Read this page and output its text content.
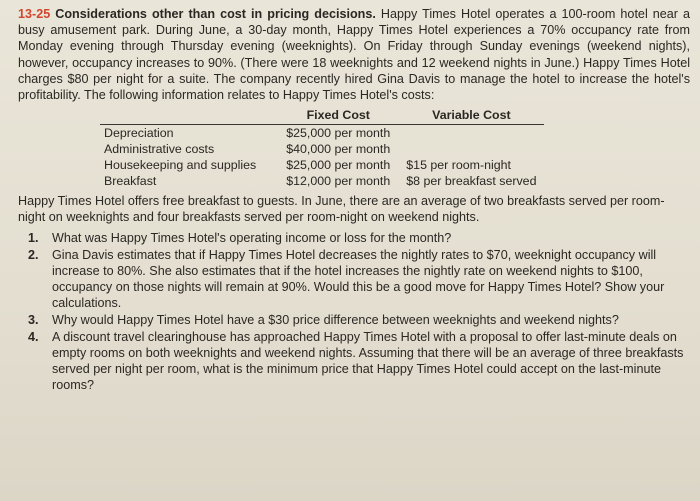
13-25 Considerations other than cost in pricing decisions. Happy Times Hotel operates a 100-room hotel near a busy amusement park. During June, a 30-day month, Happy Times Hotel experiences a 70% occupancy rate from Monday evening through Thursday evening (weeknights). On Friday through Sunday evenings (weekend nights), however, occupancy increases to 90%. (There were 18 weeknights and 12 weekend nights in June.) Happy Times Hotel charges $80 per night for a suite. The company recently hired Gina Davis to manage the hotel to increase the hotel's profitability. The following information relates to Happy Times Hotel's costs:
	Fixed Cost	Variable Cost
Depreciation	$25,000 per month	
Administrative costs	$40,000 per month	
Housekeeping and supplies	$25,000 per month	$15 per room-night
Breakfast	$12,000 per month	$8 per breakfast served
Happy Times Hotel offers free breakfast to guests. In June, there are an average of two breakfasts served per room-night on weeknights and four breakfasts served per room-night on weekend nights.
1.	What was Happy Times Hotel's operating income or loss for the month?
2.	Gina Davis estimates that if Happy Times Hotel decreases the nightly rates to $70, weeknight occupancy will increase to 80%. She also estimates that if the hotel increases the nightly rate on weekend nights to $100, occupancy on those nights will remain at 90%. Would this be a good move for Happy Times Hotel? Show your calculations.
3.	Why would Happy Times Hotel have a $30 price difference between weeknights and weekend nights?
4.	A discount travel clearinghouse has approached Happy Times Hotel with a proposal to offer last-minute deals on empty rooms on both weeknights and weekend nights. Assuming that there will be an average of three breakfasts served per night per room, what is the minimum price that Happy Times Hotel could accept on the last-minute rooms?
